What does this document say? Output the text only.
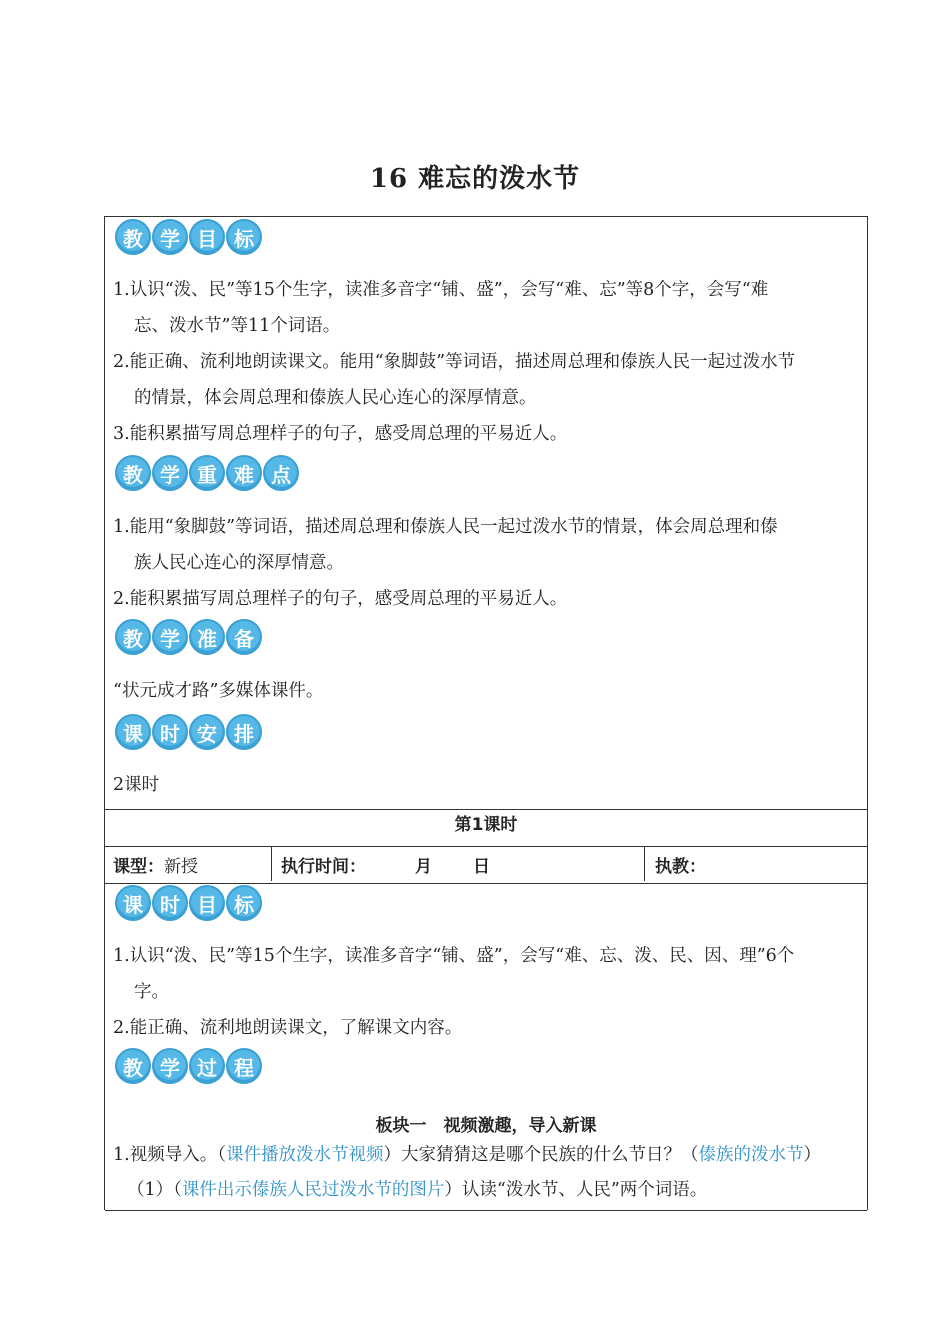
16 难忘的泼水节
教 学 目 标
1.认识“泼、民”等15个生字，读准多音字“铺、盛”，会写“难、忘”等8个字，会写“难
忘、泼水节”等11个词语。
2.能正确、流利地朗读课文。能用“象脚鼓”等词语，描述周总理和傣族人民一起过泼水节
的情景，体会周总理和傣族人民心连心的深厚情意。
3.能积累描写周总理样子的句子，感受周总理的平易近人。
教 学 重 难 点
1.能用“象脚鼓”等词语，描述周总理和傣族人民一起过泼水节的情景，体会周总理和傣
族人民心连心的深厚情意。
2.能积累描写周总理样子的句子，感受周总理的平易近人。
教 学 准 备
“状元成才路”多媒体课件。
课 时 安 排
2课时
第1课时
课型： 新授	执行时间：	月 日	执教：
课 时 目 标
1.认识“泼、民”等15个生字，读准多音字“铺、盛”，会写“难、忘、泼、民、因、理”6个
字。
2.能正确、流利地朗读课文，了解课文内容。
教 学 过 程
板块一　视频激趣，导入新课
1.视频导入。（课件播放泼水节视频）大家猜猜这是哪个民族的什么节日？（傣族的泼水节）
（1）（课件出示傣族人民过泼水节的图片）认读“泼水节、人民”两个词语。
